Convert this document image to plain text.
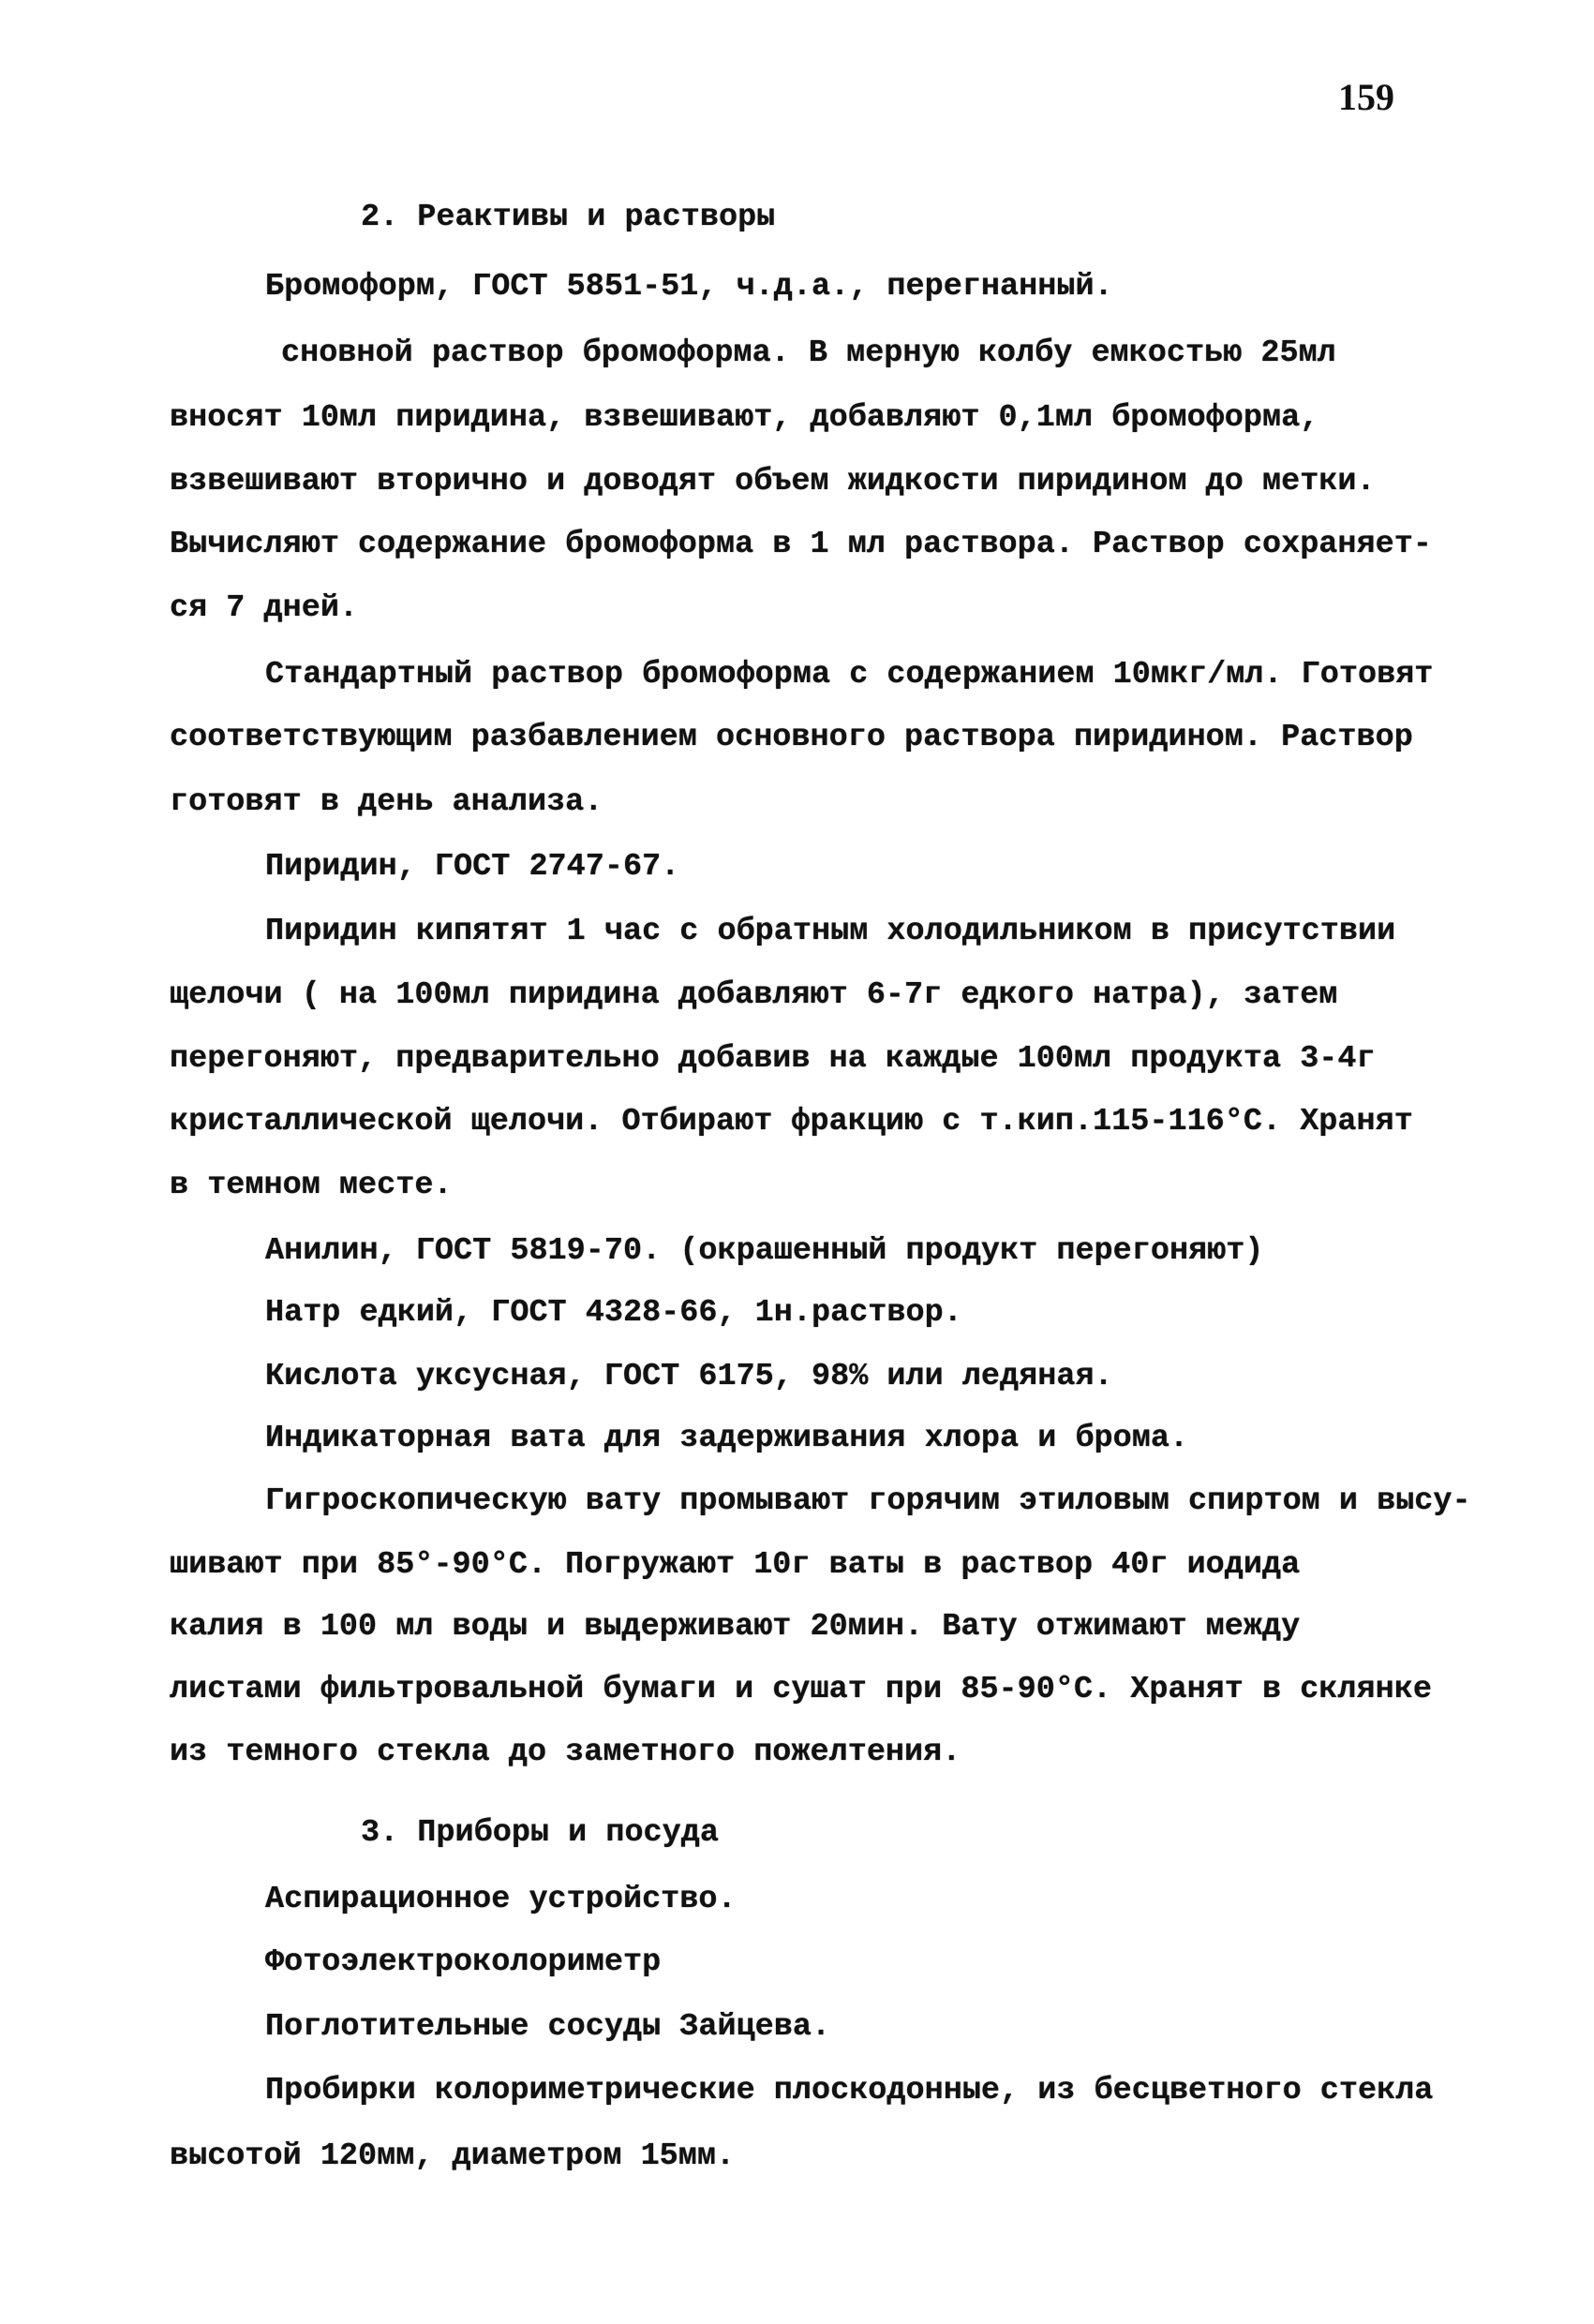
159
2. Реактивы и растворы
Бромоформ, ГОСТ 5851-51, ч.д.а., перегнанный.
сновной раствор бромоформа. В мерную колбу емкостью 25мл
вносят 10мл пиридина, взвешивают, добавляют 0,1мл бромоформа,
взвешивают вторично и доводят объем жидкости пиридином до метки.
Вычисляют содержание бромоформа в 1 мл раствора. Раствор сохраняет-
ся 7 дней.
Стандартный раствор бромоформа с содержанием 10мкг/мл. Готовят
соответствующим разбавлением основного раствора пиридином. Раствор
готовят в день анализа.
Пиридин, ГОСТ 2747-67.
Пиридин кипятят 1 час с обратным холодильником в присутствии
щелочи ( на 100мл пиридина добавляют 6-7г едкого натра), затем
перегоняют, предварительно добавив на каждые 100мл продукта 3-4г
кристаллической щелочи. Отбирают фракцию с т.кип.115-116°С. Хранят
в темном месте.
Анилин, ГОСТ 5819-70. (окрашенный продукт перегоняют)
Натр едкий, ГОСТ 4328-66, 1н.раствор.
Кислота уксусная, ГОСТ 6175, 98% или ледяная.
Индикаторная вата для задерживания хлора и брома.
Гигроскопическую вату промывают горячим этиловым спиртом и высу-
шивают при 85°-90°С. Погружают 10г ваты в раствор 40г иодида
калия в 100 мл воды и выдерживают 20мин. Вату отжимают между
листами фильтровальной бумаги и сушат при 85-90°С. Хранят в склянке
из темного стекла до заметного пожелтения.
3. Приборы и посуда
Аспирационное устройство.
Фотоэлектроколориметр
Поглотительные сосуды Зайцева.
Пробирки колориметрические плоскодонные, из бесцветного стекла
высотой 120мм, диаметром 15мм.
